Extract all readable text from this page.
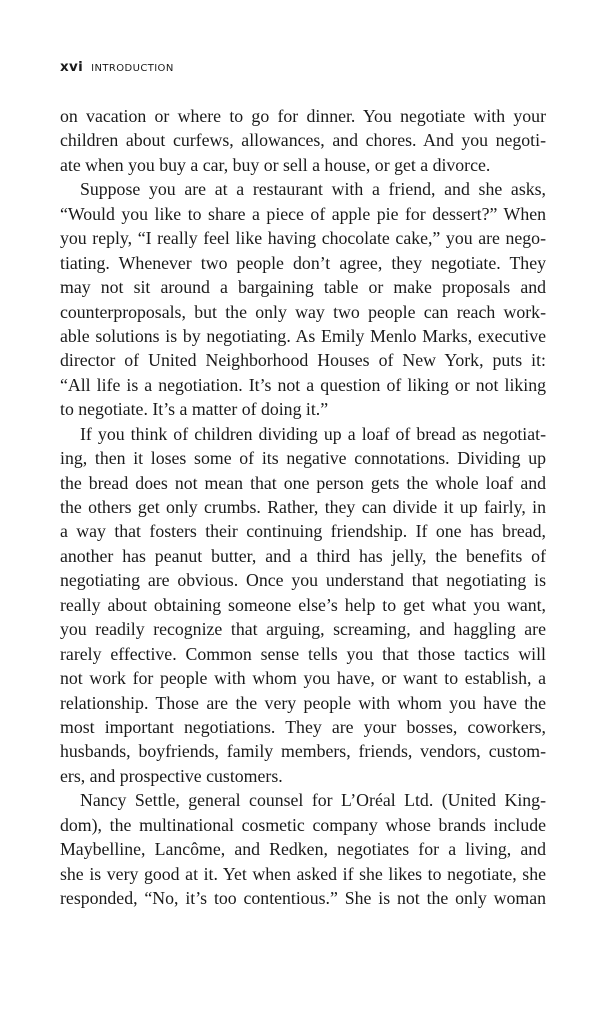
xvi INTRODUCTION
on vacation or where to go for dinner. You negotiate with your
children about curfews, allowances, and chores. And you negoti-
ate when you buy a car, buy or sell a house, or get a divorce.
Suppose you are at a restaurant with a friend, and she asks,
“Would you like to share a piece of apple pie for dessert?” When
you reply, “I really feel like having chocolate cake,” you are nego-
tiating. Whenever two people don’t agree, they negotiate. They
may not sit around a bargaining table or make proposals and
counterproposals, but the only way two people can reach work-
able solutions is by negotiating. As Emily Menlo Marks, executive
director of United Neighborhood Houses of New York, puts it:
“All life is a negotiation. It’s not a question of liking or not liking
to negotiate. It’s a matter of doing it.”
If you think of children dividing up a loaf of bread as negotiat-
ing, then it loses some of its negative connotations. Dividing up
the bread does not mean that one person gets the whole loaf and
the others get only crumbs. Rather, they can divide it up fairly, in
a way that fosters their continuing friendship. If one has bread,
another has peanut butter, and a third has jelly, the benefits of
negotiating are obvious. Once you understand that negotiating is
really about obtaining someone else’s help to get what you want,
you readily recognize that arguing, screaming, and haggling are
rarely effective. Common sense tells you that those tactics will
not work for people with whom you have, or want to establish, a
relationship. Those are the very people with whom you have the
most important negotiations. They are your bosses, coworkers,
husbands, boyfriends, family members, friends, vendors, custom-
ers, and prospective customers.
Nancy Settle, general counsel for L’Oréal Ltd. (United King-
dom), the multinational cosmetic company whose brands include
Maybelline, Lancôme, and Redken, negotiates for a living, and
she is very good at it. Yet when asked if she likes to negotiate, she
responded, “No, it’s too contentious.” She is not the only woman
